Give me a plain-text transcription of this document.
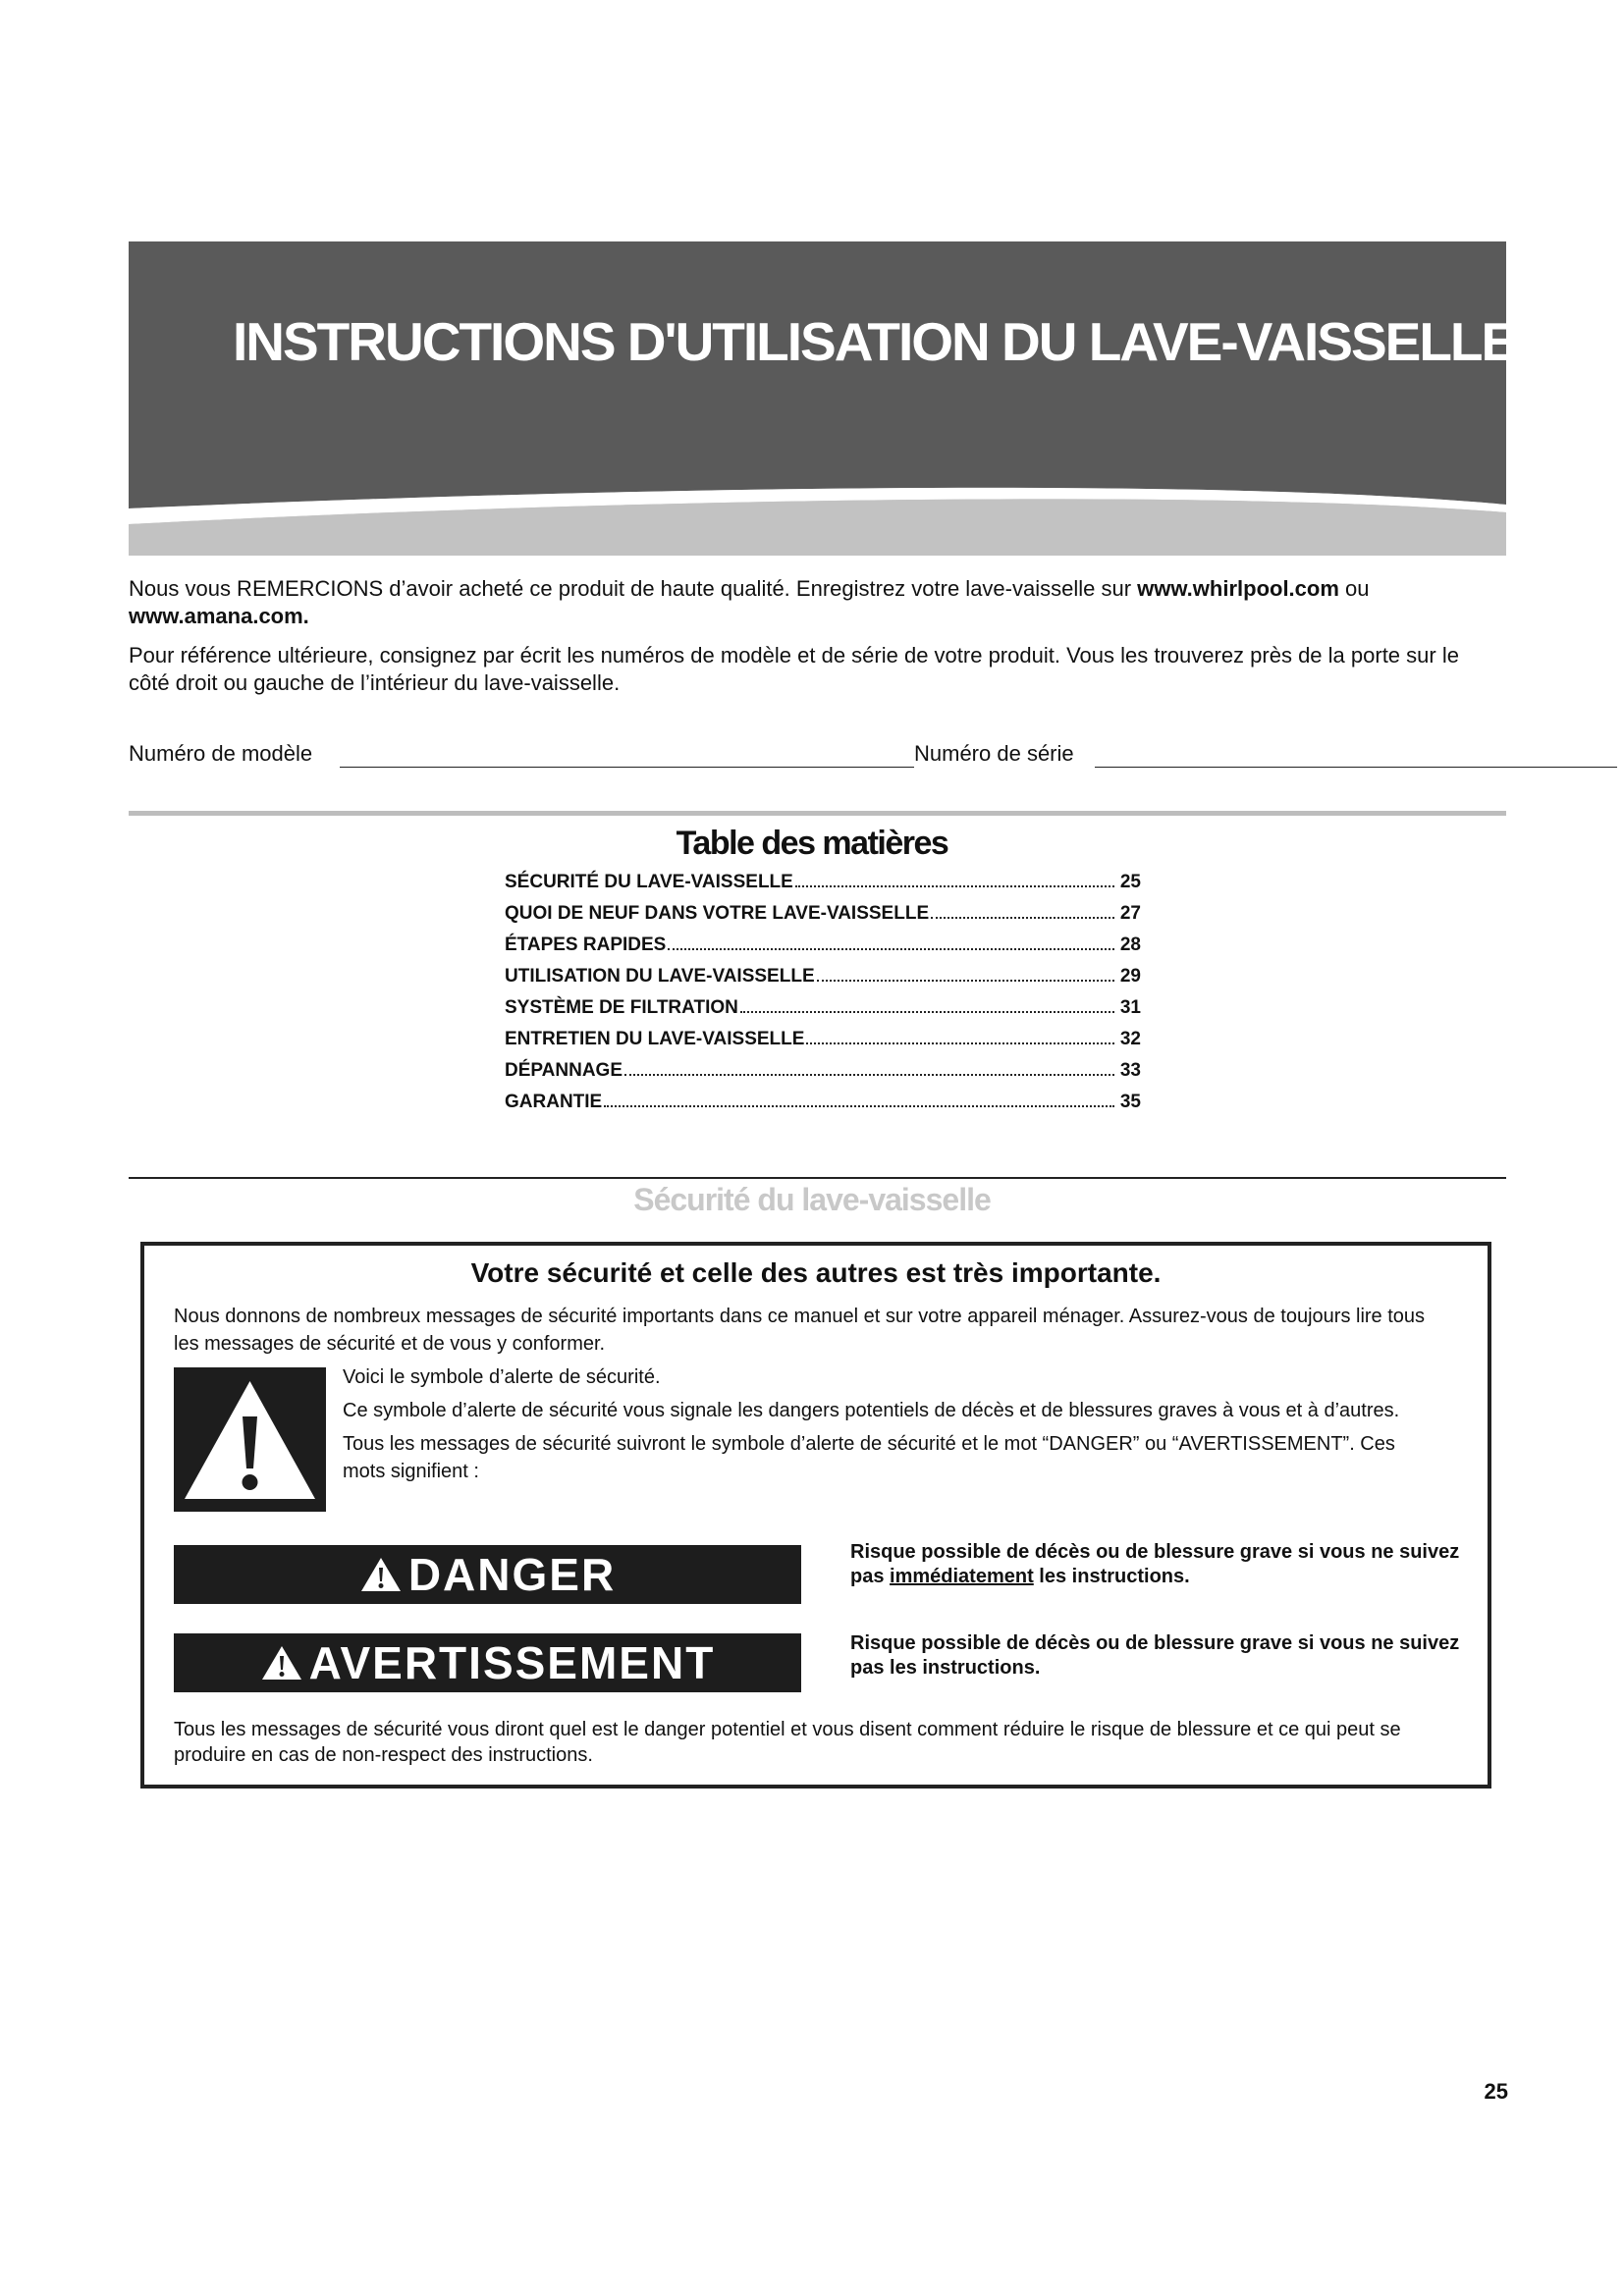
INSTRUCTIONS D'UTILISATION DU LAVE-VAISSELLE

Nous vous REMERCIONS d’avoir acheté ce produit de haute qualité. Enregistrez votre lave-vaisselle sur www.whirlpool.com ou www.amana.com.

Pour référence ultérieure, consignez par écrit les numéros de modèle et de série de votre produit. Vous les trouverez près de la porte sur le côté droit ou gauche de l’intérieur du lave-vaisselle.

Numéro de modèle	Numéro de série
Table des matières
SÉCURITÉ DU LAVE-VAISSELLE	25
QUOI DE NEUF DANS VOTRE LAVE-VAISSELLE	27
ÉTAPES RAPIDES	28
UTILISATION DU LAVE-VAISSELLE	29
SYSTÈME DE FILTRATION	31
ENTRETIEN DU LAVE-VAISSELLE	32
DÉPANNAGE	33
GARANTIE	35
Sécurité du lave-vaisselle
Votre sécurité et celle des autres est très importante.

Nous donnons de nombreux messages de sécurité importants dans ce manuel et sur votre appareil ménager. Assurez-vous de toujours lire tous les messages de sécurité et de vous y conformer.

Voici le symbole d’alerte de sécurité.

Ce symbole d’alerte de sécurité vous signale les dangers potentiels de décès et de blessures graves à vous et à d’autres.

Tous les messages de sécurité suivront le symbole d’alerte de sécurité et le mot “DANGER” ou “AVERTISSEMENT”. Ces mots signifient :

DANGER	Risque possible de décès ou de blessure grave si vous ne suivez pas immédiatement les instructions.

AVERTISSEMENT	Risque possible de décès ou de blessure grave si vous ne suivez pas les instructions.

Tous les messages de sécurité vous diront quel est le danger potentiel et vous disent comment réduire le risque de blessure et ce qui peut se produire en cas de non-respect des instructions.

25
